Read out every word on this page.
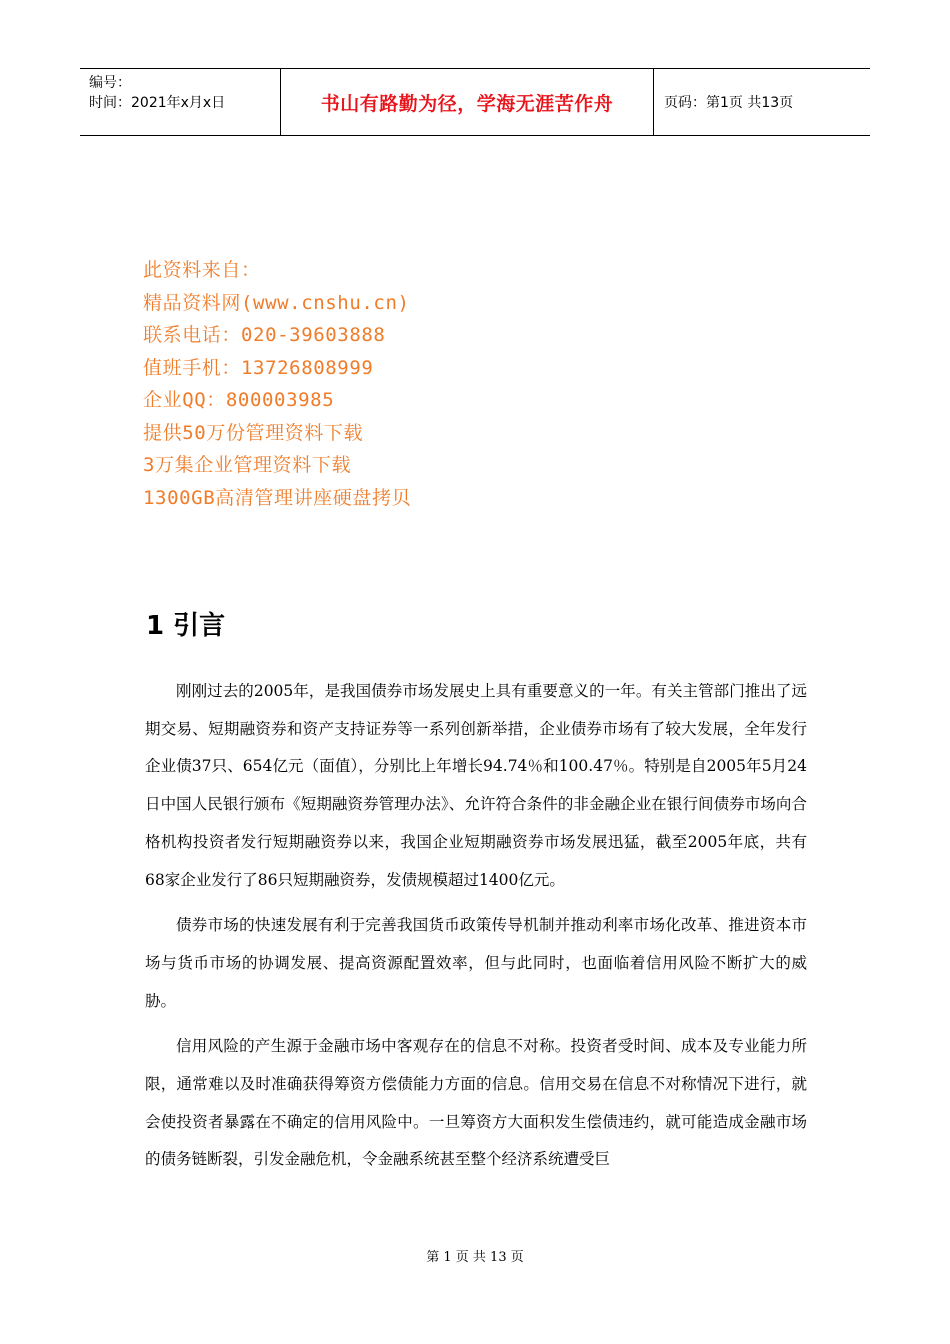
编号：
时间：2021年x月x日	书山有路勤为径，学海无涯苦作舟	页码：第1页 共13页
此资料来自：
精品资料网(www.cnshu.cn)
联系电话：020-39603888
值班手机：13726808999
企业QQ：800003985
提供50万份管理资料下载
3万集企业管理资料下载
1300GB高清管理讲座硬盘拷贝
1 引言

刚刚过去的2005年，是我国债券市场发展史上具有重要意义的一年。有关主管部门推出了远期交易、短期融资券和资产支持证券等一系列创新举措，企业债券市场有了较大发展，全年发行企业债37只、654亿元（面值），分别比上年增长94.74％和100.47％。特别是自2005年5月24日中国人民银行颁布《短期融资券管理办法》、允许符合条件的非金融企业在银行间债券市场向合格机构投资者发行短期融资券以来，我国企业短期融资券市场发展迅猛，截至2005年底，共有68家企业发行了86只短期融资券，发债规模超过1400亿元。

债券市场的快速发展有利于完善我国货币政策传导机制并推动利率市场化改革、推进资本市场与货币市场的协调发展、提高资源配置效率，但与此同时，也面临着信用风险不断扩大的威胁。

信用风险的产生源于金融市场中客观存在的信息不对称。投资者受时间、成本及专业能力所限，通常难以及时准确获得筹资方偿债能力方面的信息。信用交易在信息不对称情况下进行，就会使投资者暴露在不确定的信用风险中。一旦筹资方大面积发生偿债违约，就可能造成金融市场的债务链断裂，引发金融危机，令金融系统甚至整个经济系统遭受巨

第 1 页 共 13 页
